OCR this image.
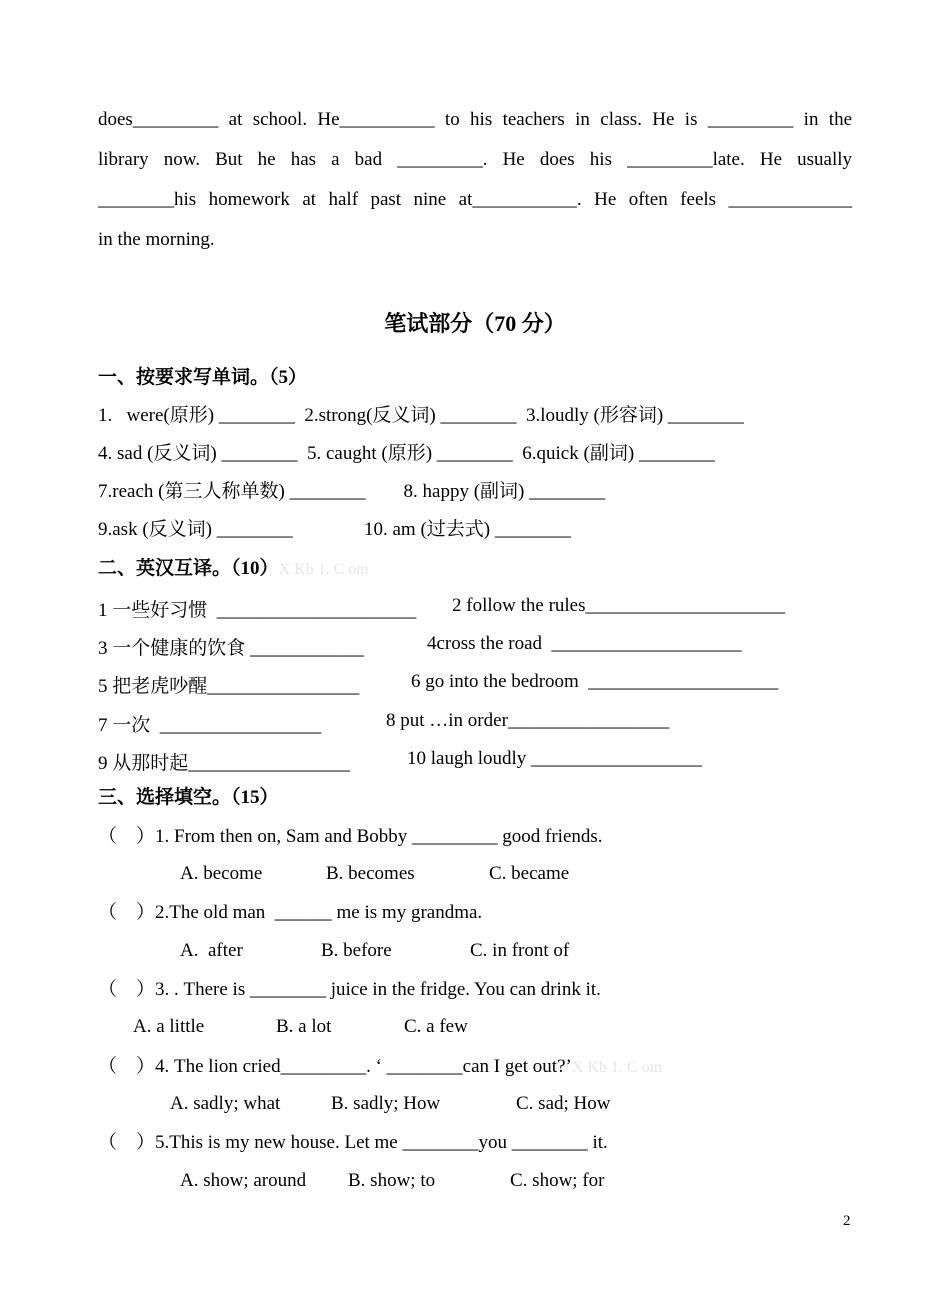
does_________ at school. He__________ to his teachers in class. He is _________ in the
library now. But he has a bad _________. He does his _________late. He usually
________his homework at half past nine at___________. He often feels _____________
in the morning.
笔试部分（70 分）
一、按要求写单词。（5）
1.   were(原形) ________  2.strong(反义词) ________  3.loudly (形容词) ________
4. sad (反义词) ________  5. caught (原形) ________  6.quick (副词) ________
7.reach (第三人称单数) ________        8. happy (副词) ________
9.ask (反义词) ________               10. am (过去式) ________
二、英汉互译。（10）X Kb 1. C om
1 一些好习惯  _____________________ 2 follow the rules_____________________
3 一个健康的饮食 ____________	4cross the road  ____________________
5 把老虎吵醒________________	6 go into the bedroom  ____________________
7 一次  _________________	8 put …in order_________________
9 从那时起_________________	10 laugh loudly __________________
三、选择填空。（15）
（    ）1. From then on, Sam and Bobby _________ good friends.
A. become	B. becomes	C. became
（    ）2.The old man  ______ me is my grandma.
A.  after	B. before	C. in front of
（    ）3. . There is ________ juice in the fridge. You can drink it.
A. a little	B. a lot	C. a few
（    ）4. The lion cried_________. ‘ ________can I get out?’X Kb 1. C om
A. sadly; what	B. sadly; How	C. sad; How
（    ）5.This is my new house. Let me ________you ________ it.
A. show; around B. show; to	C. show; for
2
